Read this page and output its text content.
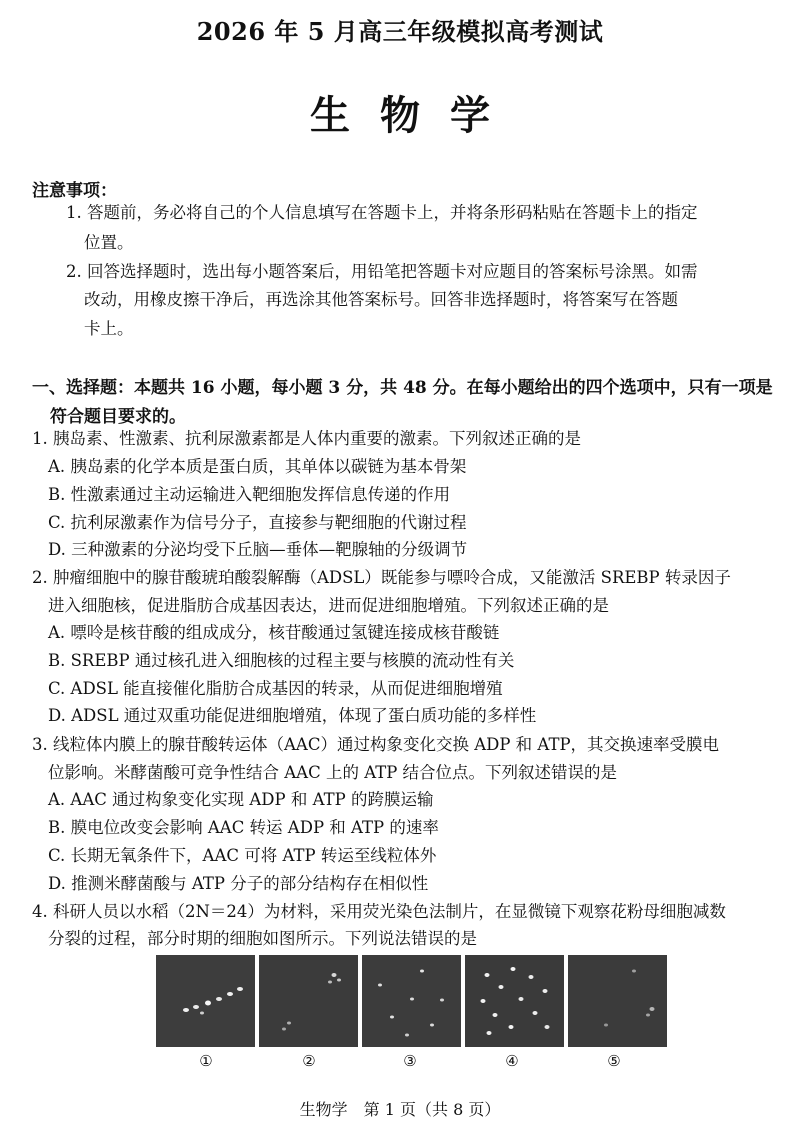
2026 年 5 月高三年级模拟高考测试
生物学
注意事项：
1. 答题前，务必将自己的个人信息填写在答题卡上，并将条形码粘贴在答题卡上的指定
位置。
2. 回答选择题时，选出每小题答案后，用铅笔把答题卡对应题目的答案标号涂黑。如需
改动，用橡皮擦干净后，再选涂其他答案标号。回答非选择题时，将答案写在答题
卡上。
一、选择题：本题共 16 小题，每小题 3 分，共 48 分。在每小题给出的四个选项中，只有一项是
符合题目要求的。
1. 胰岛素、性激素、抗利尿激素都是人体内重要的激素。下列叙述正确的是
A. 胰岛素的化学本质是蛋白质，其单体以碳链为基本骨架
B. 性激素通过主动运输进入靶细胞发挥信息传递的作用
C. 抗利尿激素作为信号分子，直接参与靶细胞的代谢过程
D. 三种激素的分泌均受下丘脑—垂体—靶腺轴的分级调节
2. 肿瘤细胞中的腺苷酸琥珀酸裂解酶（ADSL）既能参与嘌呤合成，又能激活 SREBP 转录因子
进入细胞核，促进脂肪合成基因表达，进而促进细胞增殖。下列叙述正确的是
A. 嘌呤是核苷酸的组成成分，核苷酸通过氢键连接成核苷酸链
B. SREBP 通过核孔进入细胞核的过程主要与核膜的流动性有关
C. ADSL 能直接催化脂肪合成基因的转录，从而促进细胞增殖
D. ADSL 通过双重功能促进细胞增殖，体现了蛋白质功能的多样性
3. 线粒体内膜上的腺苷酸转运体（AAC）通过构象变化交换 ADP 和 ATP，其交换速率受膜电
位影响。米酵菌酸可竞争性结合 AAC 上的 ATP 结合位点。下列叙述错误的是
A. AAC 通过构象变化实现 ADP 和 ATP 的跨膜运输
B. 膜电位改变会影响 AAC 转运 ADP 和 ATP 的速率
C. 长期无氧条件下，AAC 可将 ATP 转运至线粒体外
D. 推测米酵菌酸与 ATP 分子的部分结构存在相似性
4. 科研人员以水稻（2N＝24）为材料，采用荧光染色法制片，在显微镜下观察花粉母细胞减数
分裂的过程，部分时期的细胞如图所示。下列说法错误的是
①	②	③	④	⑤
生物学　第 1 页（共 8 页）
